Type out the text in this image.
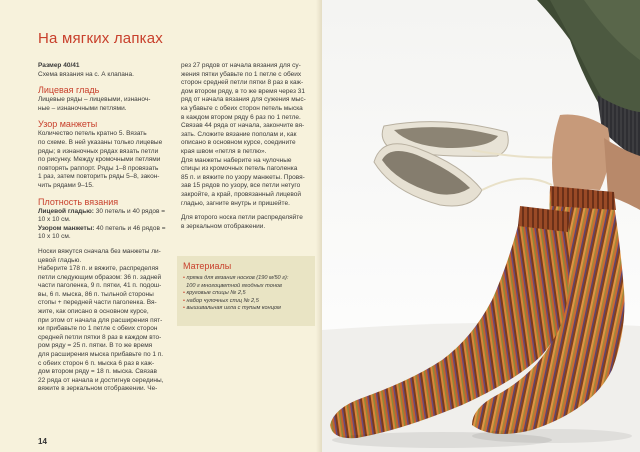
На мягких лапках

Размер 40/41

Схема вязания на с. А клапана.

Лицевая гладь

Лицевые ряды – лицевыми, изнаноч-

ные – изнаночными петлями.

Узор манжеты

Количество петель кратно 5. Вязать

по схеме. В ней указаны только лицевые

ряды; в изнаночных рядах вязать петли

по рисунку. Между кромочными петлями

повторять раппорт. Ряды 1–8 провязать

1 раз, затем повторить ряды 5–8, закон-

чить рядами 9–15.

Плотность вязания

Лицевой гладью: 30 петель и 40 рядов =

10 x 10 см.

Узором манжеты: 40 петель и 46 рядов =

10 x 10 см.

Носки вяжутся сначала без манжеты ли-

цевой гладью.

Наберите 178 п. и вяжите, распределяя

петли следующим образом: 36 п. задней

части паголенка, 9 п. пятки, 41 п. подош-

вы, 6 п. мыска, 86 п. тыльной стороны

стопы + передней части паголенка. Вя-

жите, как описано в основном курсе,

при этом от начала для расширения пят-

ки прибавьте по 1 петле с обеих сторон

средней петли пятки 8 раз в каждом вто-

ром ряду = 25 п. пятки. В то же время

для расширения мыска прибавьте по 1 п.

с обеих сторон 6 п. мыска 6 раз в каж-

дом втором ряду = 18 п. мыска. Связав

22 ряда от начала и достигнув середины,

вяжите в зеркальном отображении. Че-

рез 27 рядов от начала вязания для су-

жения пятки убавьте по 1 петле с обеих

сторон средней петли пятки 8 раз в каж-

дом втором ряду, в то же время через 31

ряд от начала вязания для сужения мыс-

ка убавьте с обеих сторон петель мыска

в каждом втором ряду 6 раз по 1 петле.

Связав 44 ряда от начала, закончите вя-

зать. Сложите вязание пополам и, как

описано в основном курсе, соедините

края швом «петля в петлю».

Для манжеты наберите на чулочные

спицы из кромочных петель паголенка

85 п. и вяжите по узору манжеты. Провя-

зав 15 рядов по узору, все петли нетуго

закройте, а край, провязанный лицевой

гладью, загните внутрь и пришейте.

Для второго носка петли распределяйте

в зеркальном отображении.

Материалы

• пряжа для вязания носков (190 м/50 г):

100 г многоцветной ягодных тонов

• круговые спицы № 2,5

• набор чулочных спиц № 2,5

• вышивальная игла с тупым концом

14
